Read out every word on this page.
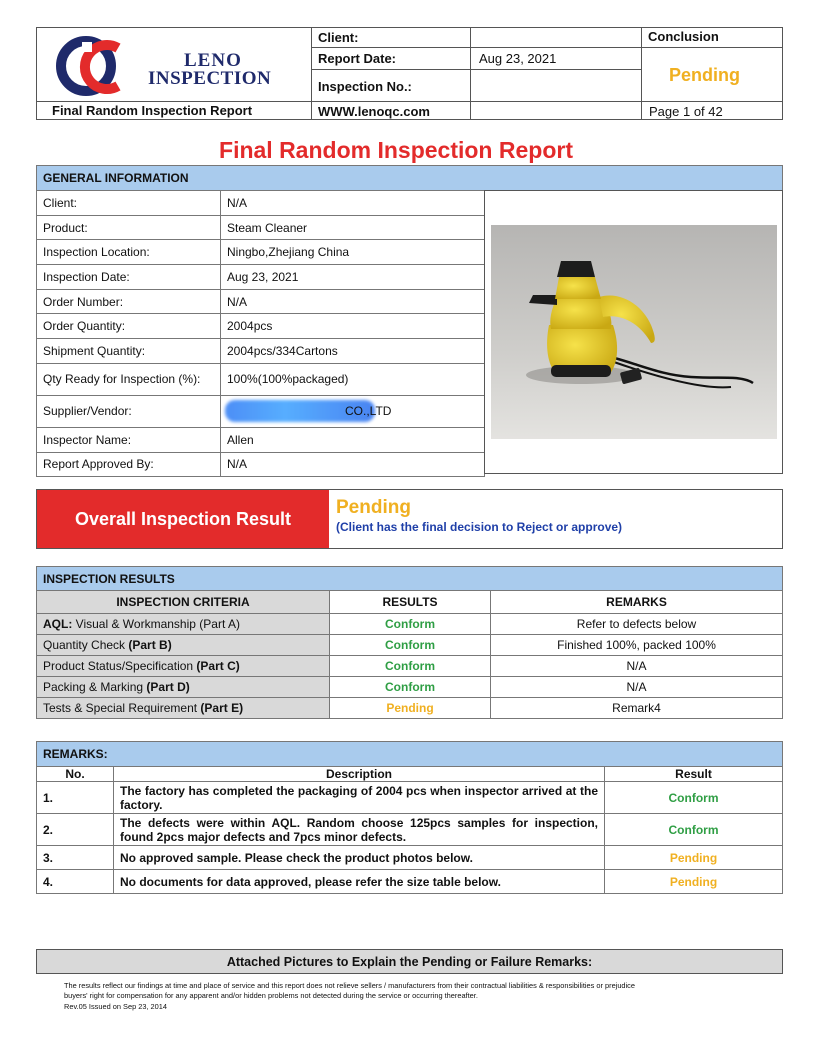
LENO
INSPECTION
Final Random Inspection Report
Client:
Report Date:	Aug 23, 2021
Inspection No.:
WWW.lenoqc.com
Conclusion
Pending
Page 1 of 42
Final Random Inspection Report
GENERAL INFORMATION
Client:	N/A
Product:	Steam Cleaner
Inspection Location:	Ningbo,Zhejiang China
Inspection Date:	Aug 23, 2021
Order Number:	N/A
Order Quantity:	2004pcs
Shipment Quantity:	2004pcs/334Cartons
Qty Ready for Inspection (%):	100%(100%packaged)
Supplier/Vendor:	CO.,LTD
Inspector Name:	Allen
Report Approved By:	N/A
Overall Inspection Result
Pending
(Client has the final decision to Reject or approve)
INSPECTION RESULTS
INSPECTION CRITERIA	RESULTS	REMARKS
AQL: Visual & Workmanship (Part A)	Conform	Refer to defects below
Quantity Check (Part B)	Conform	Finished 100%, packed 100%
Product Status/Specification (Part C)	Conform	N/A
Packing & Marking (Part D)	Conform	N/A
Tests & Special Requirement (Part E)	Pending	Remark4
REMARKS:
No.	Description	Result
1.	The factory has completed the packaging of 2004 pcs when inspector arrived at the factory.	Conform
2.	The defects were within AQL. Random choose 125pcs samples for inspection, found 2pcs major defects and 7pcs minor defects.	Conform
3.	No approved sample. Please check the product photos below.	Pending
4.	No documents for data approved, please refer the size table below.	Pending
Attached Pictures to Explain the Pending or Failure Remarks:
The results reflect our findings at time and place of service and this report does not relieve sellers / manufacturers from their contractual liabilities & responsibilities or prejudice
buyers' right for compensation for any apparent and/or hidden problems not detected during the service or occurring thereafter.
Rev.05 Issued on Sep 23, 2014
